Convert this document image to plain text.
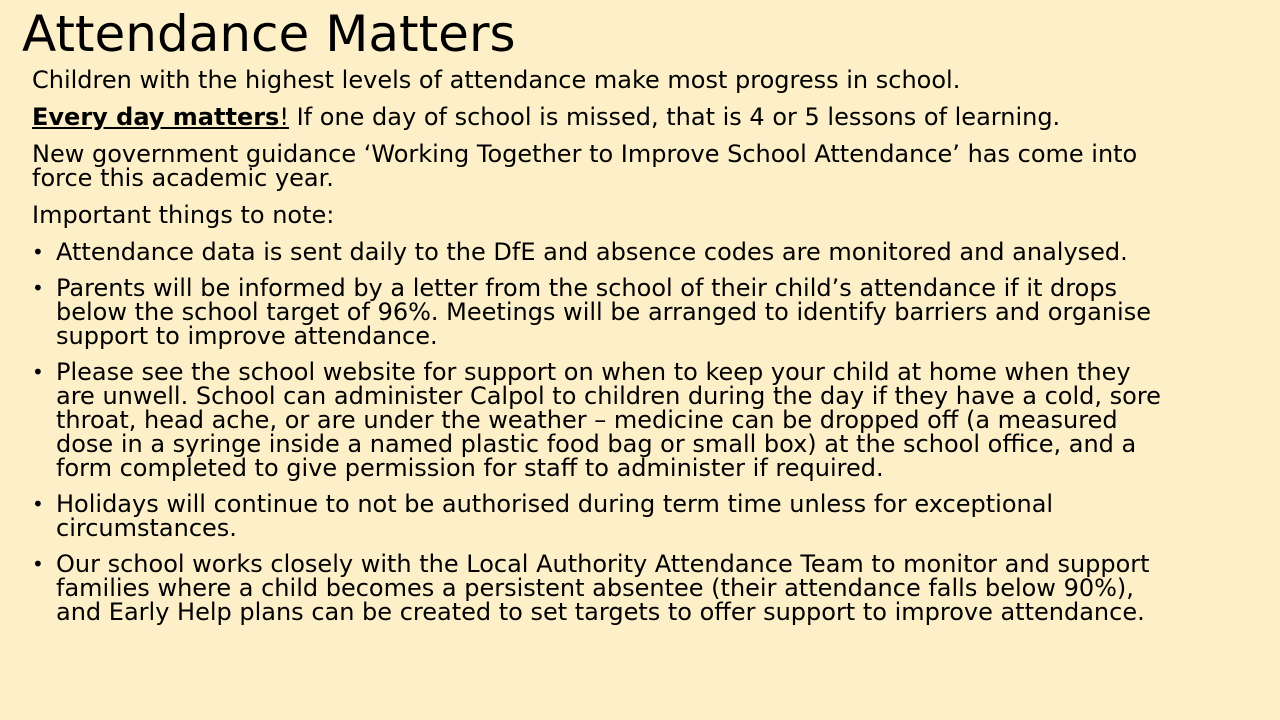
Attendance Matters

Children with the highest levels of attendance make most progress in school.

Every day matters! If one day of school is missed, that is 4 or 5 lessons of learning.

New government guidance ‘Working Together to Improve School Attendance’ has come into
force this academic year.

Important things to note:

• Attendance data is sent daily to the DfE and absence codes are monitored and analysed.
• Parents will be informed by a letter from the school of their child’s attendance if it drops
below the school target of 96%. Meetings will be arranged to identify barriers and organise
support to improve attendance.
• Please see the school website for support on when to keep your child at home when they
are unwell. School can administer Calpol to children during the day if they have a cold, sore
throat, head ache, or are under the weather – medicine can be dropped off (a measured
dose in a syringe inside a named plastic food bag or small box) at the school office, and a
form completed to give permission for staff to administer if required.
• Holidays will continue to not be authorised during term time unless for exceptional
circumstances.
• Our school works closely with the Local Authority Attendance Team to monitor and support
families where a child becomes a persistent absentee (their attendance falls below 90%),
and Early Help plans can be created to set targets to offer support to improve attendance.
